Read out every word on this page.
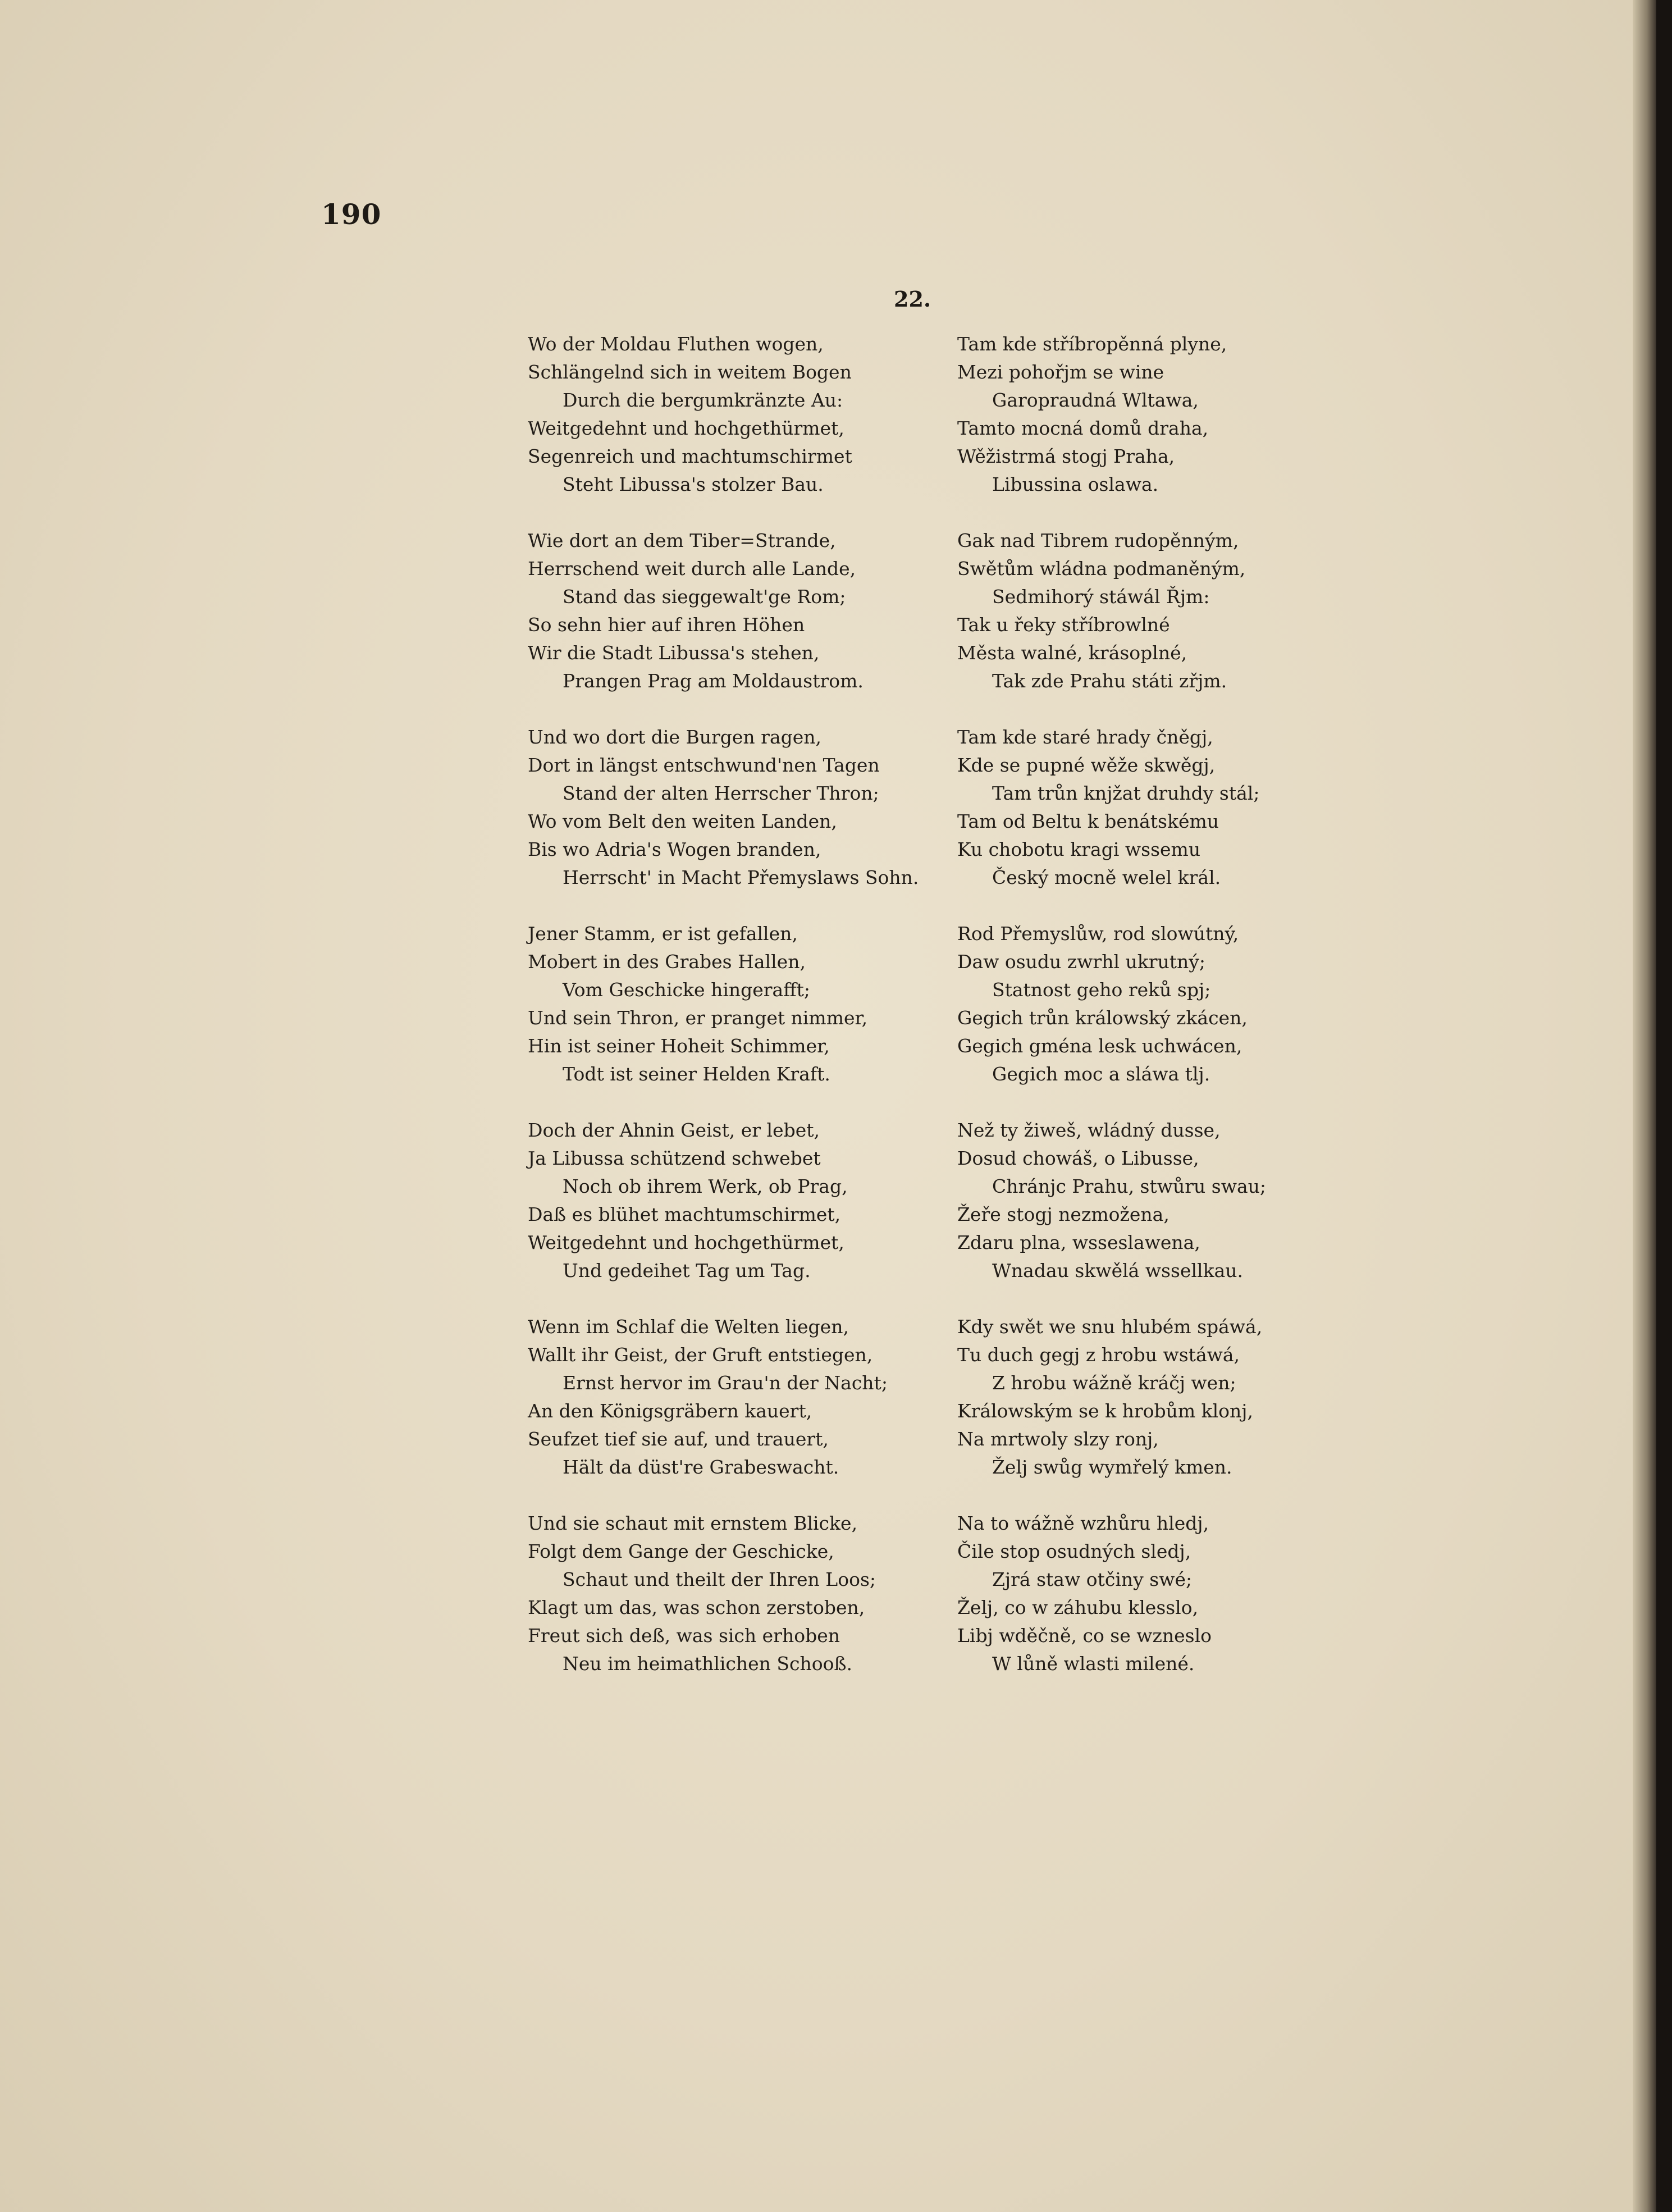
190
22.
Wo der Moldau Fluthen wogen,
Schlängelnd sich in weitem Bogen
Durch die bergumkränzte Au:
Weitgedehnt und hochgethürmet,
Segenreich und machtumschirmet
Steht Libussa's stolzer Bau.
Wie dort an dem Tiber=Strande,
Herrschend weit durch alle Lande,
Stand das sieggewalt'ge Rom;
So sehn hier auf ihren Höhen
Wir die Stadt Libussa's stehen,
Prangen Prag am Moldaustrom.
Und wo dort die Burgen ragen,
Dort in längst entschwund'nen Tagen
Stand der alten Herrscher Thron;
Wo vom Belt den weiten Landen,
Bis wo Adria's Wogen branden,
Herrscht' in Macht Přemyslaws Sohn.
Jener Stamm, er ist gefallen,
Mobert in des Grabes Hallen,
Vom Geschicke hingerafft;
Und sein Thron, er pranget nimmer,
Hin ist seiner Hoheit Schimmer,
Todt ist seiner Helden Kraft.
Doch der Ahnin Geist, er lebet,
Ja Libussa schützend schwebet
Noch ob ihrem Werk, ob Prag,
Daß es blühet machtumschirmet,
Weitgedehnt und hochgethürmet,
Und gedeihet Tag um Tag.
Wenn im Schlaf die Welten liegen,
Wallt ihr Geist, der Gruft entstiegen,
Ernst hervor im Grau'n der Nacht;
An den Königsgräbern kauert,
Seufzet tief sie auf, und trauert,
Hält da düst're Grabeswacht.
Und sie schaut mit ernstem Blicke,
Folgt dem Gange der Geschicke,
Schaut und theilt der Ihren Loos;
Klagt um das, was schon zerstoben,
Freut sich deß, was sich erhoben
Neu im heimathlichen Schooß.
Tam kde stříbropěnná plyne,
Mezi pohořjm se wine
Garopraudná Wltawa,
Tamto mocná domů draha,
Wěžistrmá stogj Praha,
Libussina oslawa.
Gak nad Tibrem rudopěnným,
Swětům wládna podmaněným,
Sedmihorý stáwál Řjm:
Tak u řeky stříbrowlné
Města walné, krásoplné,
Tak zde Prahu státi zřjm.
Tam kde staré hrady čněgj,
Kde se pupné wěže skwěgj,
Tam trůn knjžat druhdy stál;
Tam od Beltu k benátskému
Ku chobotu kragi wssemu
Český mocně welel král.
Rod Přemyslůw, rod slowútný,
Daw osudu zwrhl ukrutný;
Statnost geho reků spj;
Gegich trůn králowský zkácen,
Gegich gména lesk uchwácen,
Gegich moc a sláwa tlj.
Než ty žiweš, wládný dusse,
Dosud chowáš, o Libusse,
Chránjc Prahu, stwůru swau;
Žeře stogj nezmožena,
Zdaru plna, wsseslawena,
Wnadau skwělá wssellkau.
Kdy swět we snu hlubém spáwá,
Tu duch gegj z hrobu wstáwá,
Z hrobu wážně kráčj wen;
Králowským se k hrobům klonj,
Na mrtwoly slzy ronj,
Želj swůg wymřelý kmen.
Na to wážně wzhůru hledj,
Čile stop osudných sledj,
Zjrá staw otčiny swé;
Želj, co w záhubu klesslo,
Libj wděčně, co se wzneslo
W lůně wlasti milené.
